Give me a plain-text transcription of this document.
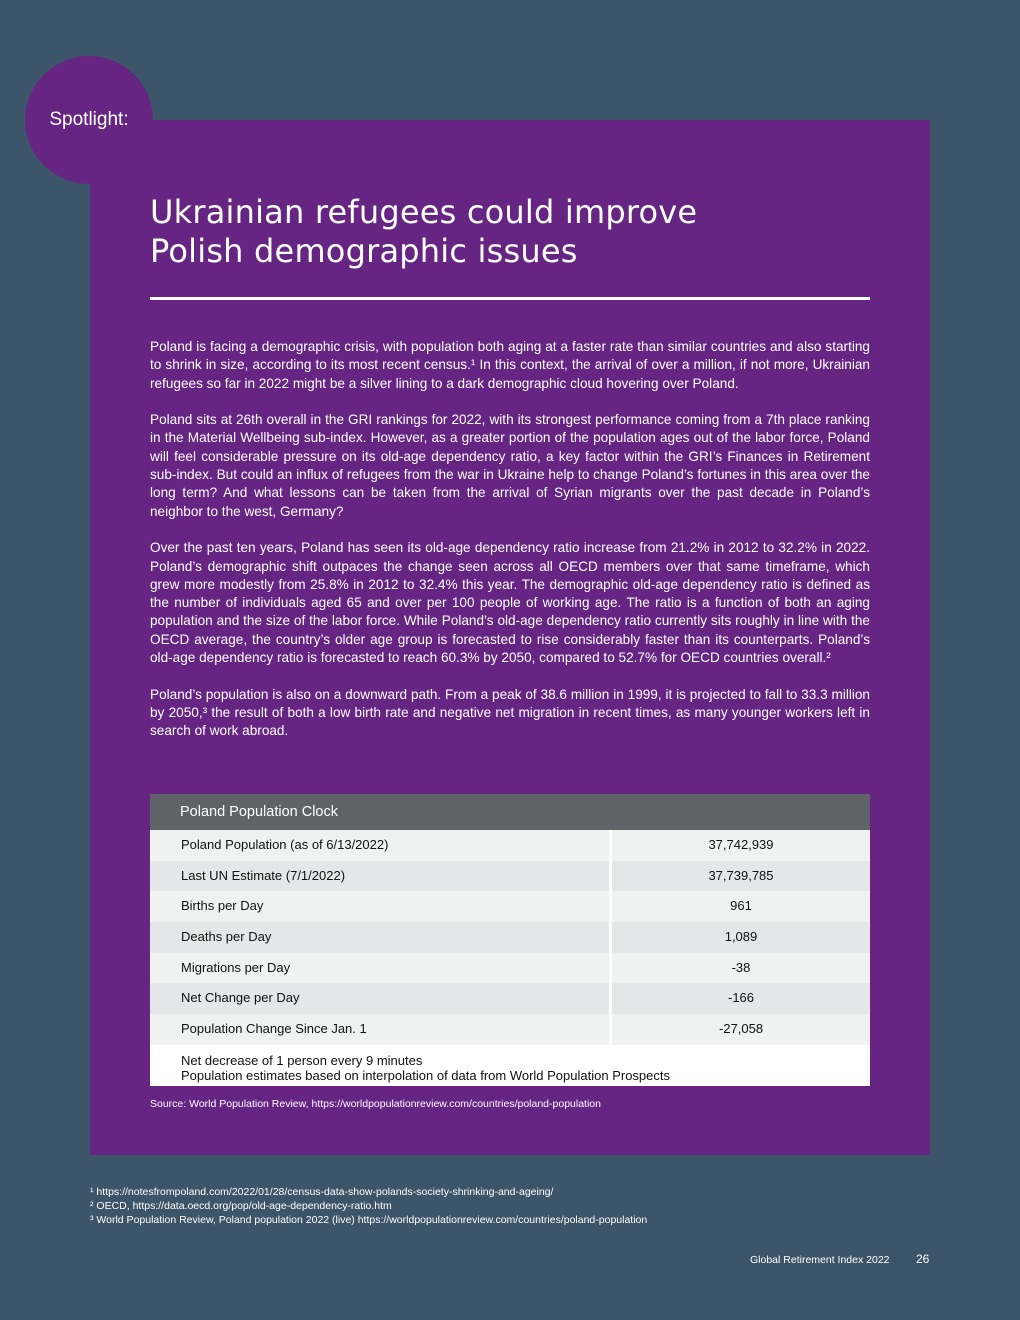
Spotlight:
Ukrainian refugees could improve
Polish demographic issues

Poland is facing a demographic crisis, with population both aging at a faster rate than similar countries and also starting to shrink in size, according to its most recent census.¹ In this context, the arrival of over a million, if not more, Ukrainian refugees so far in 2022 might be a silver lining to a dark demographic cloud hovering over Poland.

Poland sits at 26th overall in the GRI rankings for 2022, with its strongest performance coming from a 7th place ranking in the Material Wellbeing sub-index. However, as a greater portion of the population ages out of the labor force, Poland will feel considerable pressure on its old-age dependency ratio, a key factor within the GRI’s Finances in Retirement sub-index. But could an influx of refugees from the war in Ukraine help to change Poland’s fortunes in this area over the long term? And what lessons can be taken from the arrival of Syrian migrants over the past decade in Poland’s neighbor to the west, Germany?

Over the past ten years, Poland has seen its old-age dependency ratio increase from 21.2% in 2012 to 32.2% in 2022. Poland’s demographic shift outpaces the change seen across all OECD members over that same timeframe, which grew more modestly from 25.8% in 2012 to 32.4% this year. The demographic old-age dependency ratio is defined as the number of individuals aged 65 and over per 100 people of working age. The ratio is a function of both an aging population and the size of the labor force. While Poland’s old-age dependency ratio currently sits roughly in line with the OECD average, the country’s older age group is forecasted to rise considerably faster than its counterparts. Poland’s old-age dependency ratio is forecasted to reach 60.3% by 2050, compared to 52.7% for OECD countries overall.²

Poland’s population is also on a downward path. From a peak of 38.6 million in 1999, it is projected to fall to 33.3 million by 2050,³ the result of both a low birth rate and negative net migration in recent times, as many younger workers left in search of work abroad.

Poland Population Clock
Poland Population (as of 6/13/2022)	37,742,939
Last UN Estimate (7/1/2022)	37,739,785
Births per Day	961
Deaths per Day	1,089
Migrations per Day	-38
Net Change per Day	-166
Population Change Since Jan. 1	-27,058
Net decrease of 1 person every 9 minutes
Population estimates based on interpolation of data from World Population Prospects
Source: World Population Review, https://worldpopulationreview.com/countries/poland-population
¹ https://notesfrompoland.com/2022/01/28/census-data-show-polands-society-shrinking-and-ageing/
² OECD, https://data.oecd.org/pop/old-age-dependency-ratio.htm
³ World Population Review, Poland population 2022 (live) https://worldpopulationreview.com/countries/poland-population
Global Retirement Index 2022 26
